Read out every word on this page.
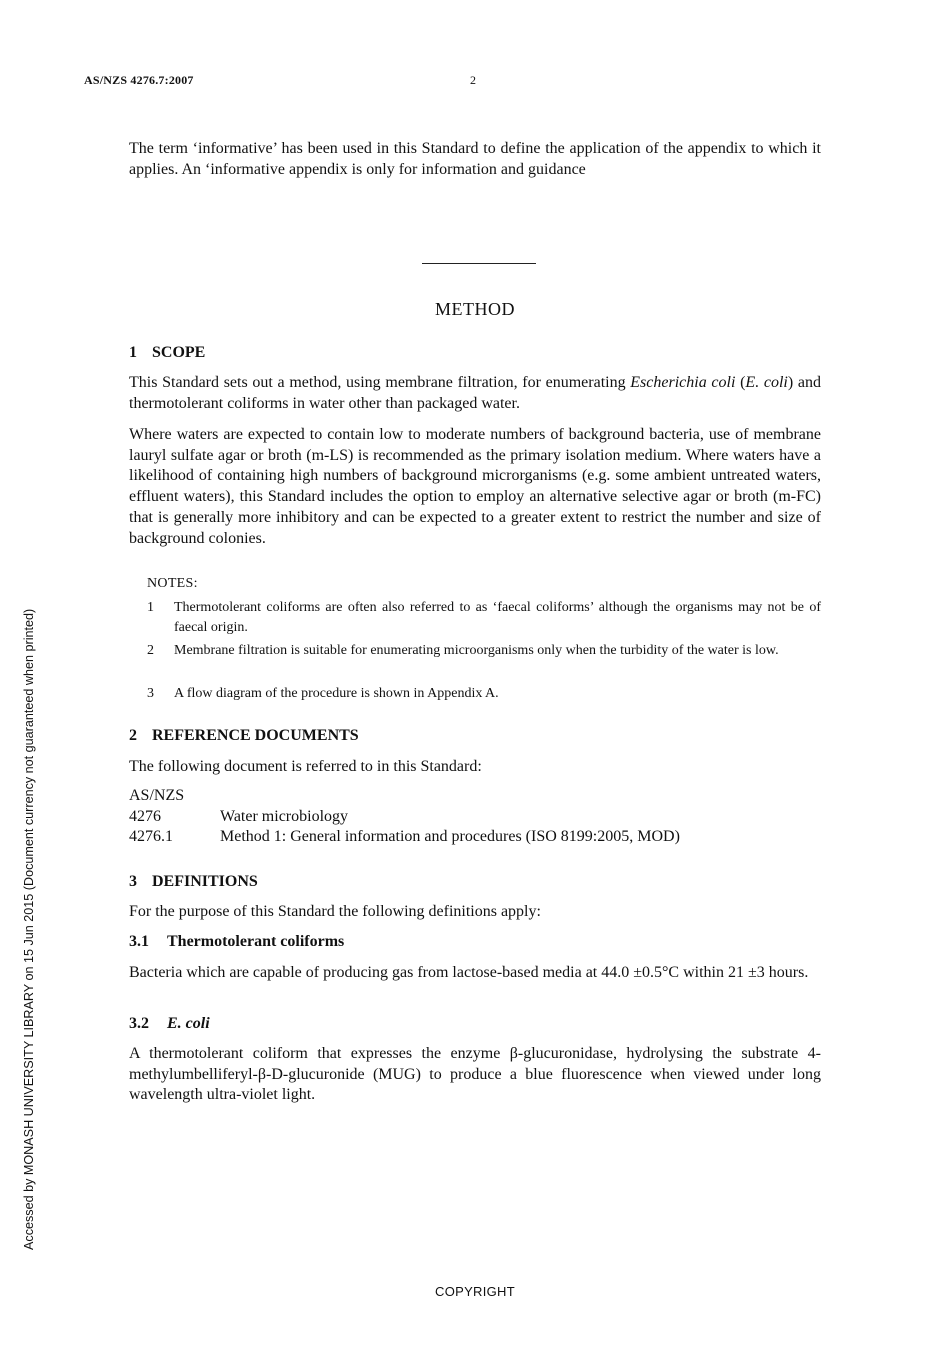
AS/NZS 4276.7:2007	2
The term ‘informative’ has been used in this Standard to define the application of the appendix to which it applies. An ‘informative appendix is only for information and guidance
METHOD
1 SCOPE
This Standard sets out a method, using membrane filtration, for enumerating Escherichia coli (E. coli) and thermotolerant coliforms in water other than packaged water.
Where waters are expected to contain low to moderate numbers of background bacteria, use of membrane lauryl sulfate agar or broth (m-LS) is recommended as the primary isolation medium. Where waters have a likelihood of containing high numbers of background microrganisms (e.g. some ambient untreated waters, effluent waters), this Standard includes the option to employ an alternative selective agar or broth (m-FC) that is generally more inhibitory and can be expected to a greater extent to restrict the number and size of background colonies.
NOTES:
1 Thermotolerant coliforms are often also referred to as ‘faecal coliforms’ although the organisms may not be of faecal origin.
2 Membrane filtration is suitable for enumerating microorganisms only when the turbidity of the water is low.
3 A flow diagram of the procedure is shown in Appendix A.
2 REFERENCE DOCUMENTS
The following document is referred to in this Standard:
AS/NZS
4276	Water microbiology
4276.1	Method 1: General information and procedures (ISO 8199:2005, MOD)
3 DEFINITIONS
For the purpose of this Standard the following definitions apply:
3.1 Thermotolerant coliforms
Bacteria which are capable of producing gas from lactose-based media at 44.0 ±0.5°C within 21 ±3 hours.
3.2 E. coli
A thermotolerant coliform that expresses the enzyme β-glucuronidase, hydrolysing the substrate 4-methylumbelliferyl-β-D-glucuronide (MUG) to produce a blue fluorescence when viewed under long wavelength ultra-violet light.
Accessed by MONASH UNIVERSITY LIBRARY on 15 Jun 2015 (Document currency not guaranteed when printed)
COPYRIGHT
